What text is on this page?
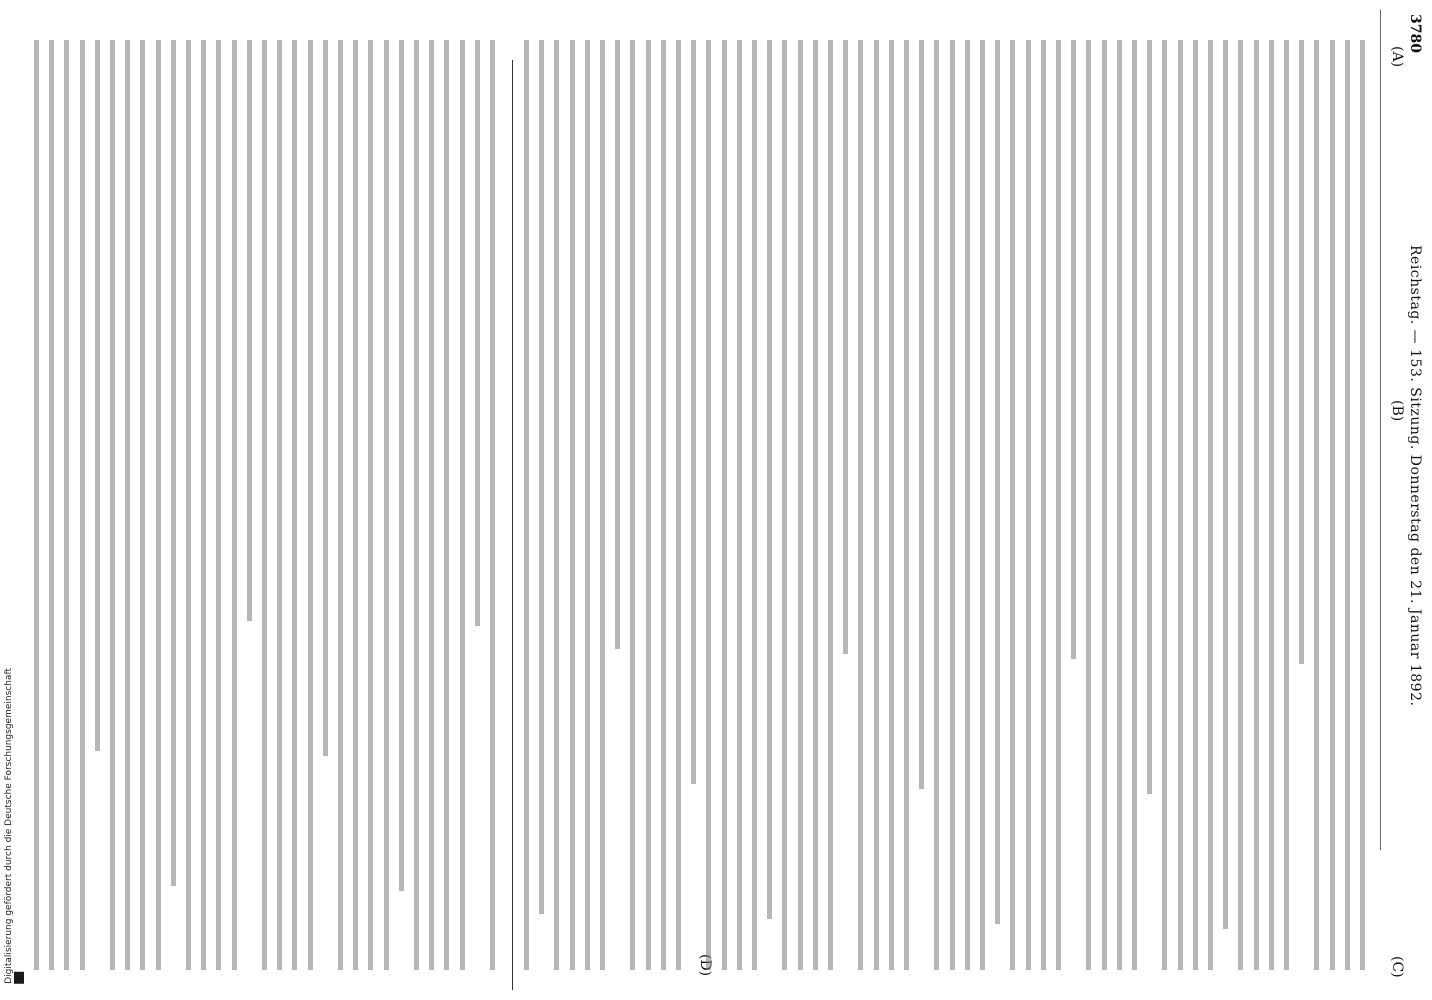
3780
Reichstag. — 153. Sitzung. Donnerstag den 21. Januar 1892.
(A)
(B)
(C)
(D)
Digitalisierung gefördert durch die Deutsche Forschungsgemeinschaft
